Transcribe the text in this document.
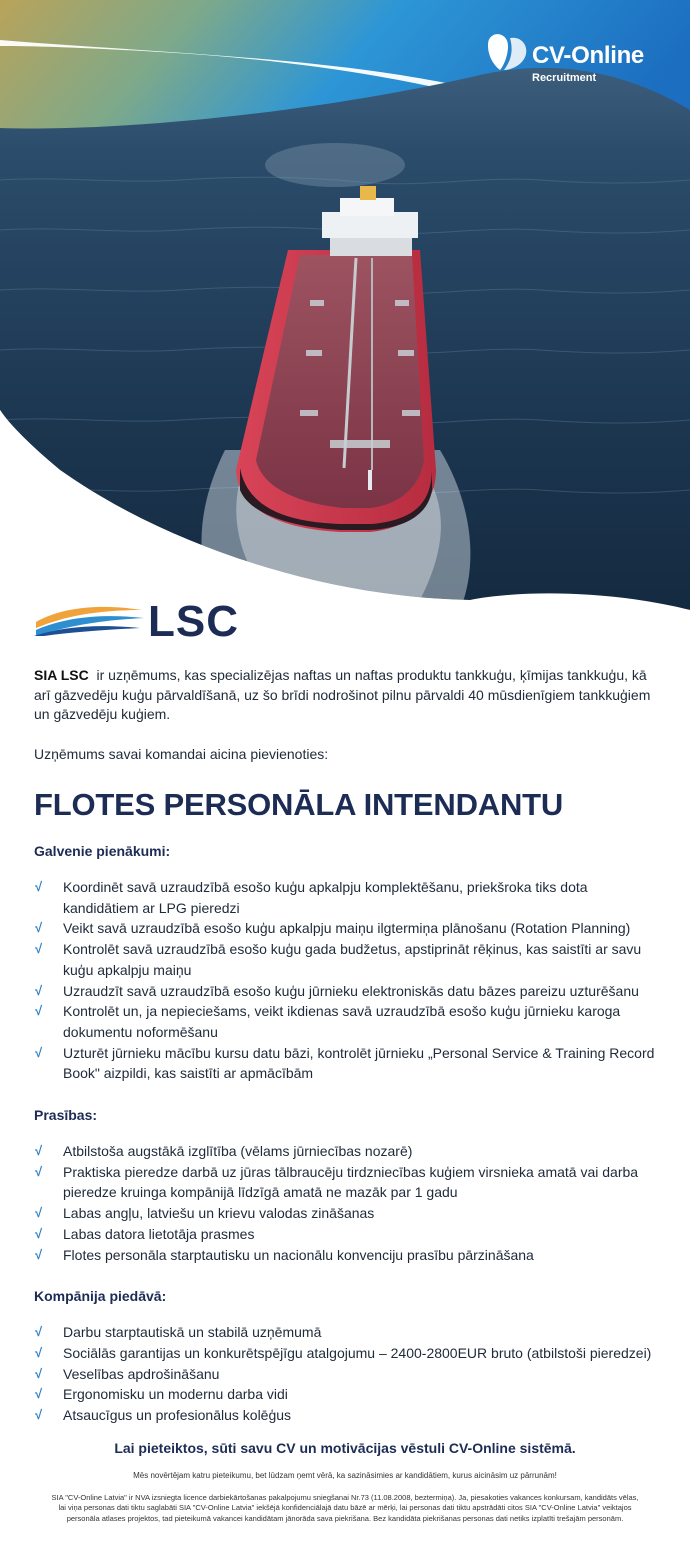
CV-Online
Recruitment
LSC

SIA LSC ir uzņēmums, kas specializējas naftas un naftas produktu tankkuģu, ķīmijas tankkuģu, kā arī gāzvedēju kuģu pārvaldīšanā, uz šo brīdi nodrošinot pilnu pārvaldi 40 mūsdienīgiem tankkuģiem un gāzvedēju kuģiem.

Uzņēmums savai komandai aicina pievienoties:

FLOTES PERSONĀLA INTENDANTU
Galvenie pienākumi:
√	Koordinēt savā uzraudzībā esošo kuģu apkalpju komplektēšanu, priekšroka tiks dota kandidātiem ar LPG pieredzi
√	Veikt savā uzraudzībā esošo kuģu apkalpju maiņu ilgtermiņa plānošanu (Rotation Planning)
√	Kontrolēt savā uzraudzībā esošo kuģu gada budžetus, apstiprināt rēķinus, kas saistīti ar savu kuģu apkalpju maiņu
√	Uzraudzīt savā uzraudzībā esošo kuģu jūrnieku elektroniskās datu bāzes pareizu uzturēšanu
√	Kontrolēt un, ja nepieciešams, veikt ikdienas savā uzraudzībā esošo kuģu jūrnieku karoga dokumentu noformēšanu
√	Uzturēt jūrnieku mācību kursu datu bāzi, kontrolēt jūrnieku „Personal Service & Training Record Book" aizpildi, kas saistīti ar apmācībām
Prasības:
√	Atbilstoša augstākā izglītība (vēlams jūrniecības nozarē)
√	Praktiska pieredze darbā uz jūras tālbraucēju tirdzniecības kuģiem virsnieka amatā vai darba pieredze kruinga kompānijā līdzīgā amatā ne mazāk par 1 gadu
√	Labas angļu, latviešu un krievu valodas zināšanas
√	Labas datora lietotāja prasmes
√	Flotes personāla starptautisku un nacionālu konvenciju prasību pārzināšana
Kompānija piedāvā:
√	Darbu starptautiskā un stabilā uzņēmumā
√	Sociālās garantijas un konkurētspējīgu atalgojumu – 2400-2800EUR bruto (atbilstoši pieredzei)
√	Veselības apdrošināšanu
√	Ergonomisku un modernu darba vidi
√	Atsaucīgus un profesionālus kolēģus
Lai pieteiktos, sūti savu CV un motivācijas vēstuli CV-Online sistēmā.
Mēs novērtējam katru pieteikumu, bet lūdzam ņemt vērā, ka sazināsimies ar kandidātiem, kurus aicināsim uz pārrunām!
SIA "CV-Online Latvia" ir NVA izsniegta licence darbiekārtošanas pakalpojumu sniegšanai Nr.73 (11.08.2008, beztermiņa). Ja, piesakoties vakances konkursam, kandidāts vēlas, lai viņa personas dati tiktu saglabāti SIA "CV-Online Latvia" iekšējā konfidenciālajā datu bāzē ar mērķi, lai personas dati tiktu apstrādāti citos SIA "CV-Online Latvia" veiktajos personāla atlases projektos, tad pieteikumā vakancei kandidātam jānorāda sava piekrišana. Bez kandidāta piekrišanas personas dati netiks izplatīti trešajām personām.
